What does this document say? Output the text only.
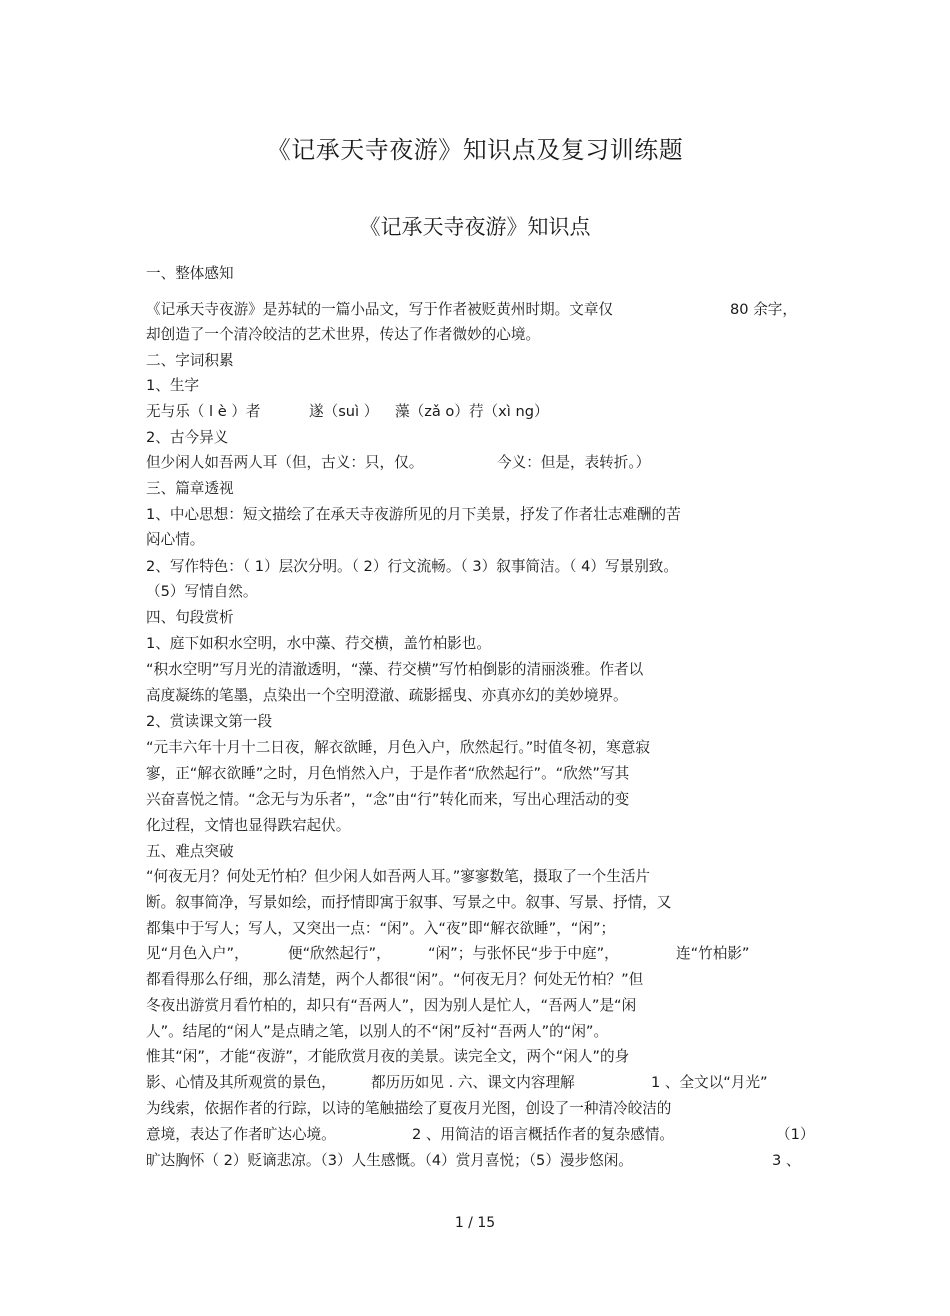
《记承天寺夜游》知识点及复习训练题
《记承天寺夜游》知识点
一、整体感知
《记承天寺夜游》是苏轼的一篇小品文，写于作者被贬黄州时期。文章仅	80 余字，
却创造了一个清冷皎洁的艺术世界，传达了作者微妙的心境。
二、字词积累
1、生字
无与乐（ l è ）者	遂（suì ） 藻（zǎ o）荇（xì ng）
2、古今异义
但少闲人如吾两人耳（但，古义：只，仅。	今义：但是，表转折。）
三、篇章透视
1、中心思想：短文描绘了在承天寺夜游所见的月下美景，抒发了作者壮志难酬的苦
闷心情。
2、写作特色：（ 1）层次分明。（ 2）行文流畅。（ 3）叙事简洁。（ 4）写景别致。
（5）写情自然。
四、句段赏析
1、庭下如积水空明，水中藻、荇交横，盖竹柏影也。
“积水空明”写月光的清澈透明，“藻、荇交横”写竹柏倒影的清丽淡雅。作者以
高度凝练的笔墨，点染出一个空明澄澈、疏影摇曳、亦真亦幻的美妙境界。
2、赏读课文第一段
“元丰六年十月十二日夜，解衣欲睡，月色入户，欣然起行。”时值冬初，寒意寂
寥，正“解衣欲睡”之时，月色悄然入户，于是作者“欣然起行”。“欣然”写其
兴奋喜悦之情。“念无与为乐者”，“念”由“行”转化而来，写出心理活动的变
化过程，文情也显得跌宕起伏。
五、难点突破
“何夜无月？何处无竹柏？但少闲人如吾两人耳。”寥寥数笔，摄取了一个生活片
断。叙事简净，写景如绘，而抒情即寓于叙事、写景之中。叙事、写景、抒情，又
都集中于写人；写人，又突出一点：“闲”。入“夜”即“解衣欲睡”，“闲”；
见“月色入户”，	便“欣然起行”，	“闲”；与张怀民“步于中庭”，	连“竹柏影”
都看得那么仔细，那么清楚，两个人都很“闲”。“何夜无月？何处无竹柏？”但
冬夜出游赏月看竹柏的，却只有“吾两人”，因为别人是忙人，“吾两人”是“闲
人”。结尾的“闲人”是点睛之笔，以别人的不“闲”反衬“吾两人”的“闲”。
惟其“闲”，才能“夜游”，才能欣赏月夜的美景。读完全文，两个“闲人”的身
影、心情及其所观赏的景色， 都历历如见 . 六、课文内容理解	1 、全文以“月光”
为线索，依据作者的行踪，以诗的笔触描绘了夏夜月光图，创设了一种清冷皎洁的
意境，表达了作者旷达心境。	2 、用简洁的语言概括作者的复杂感情。	（1）
旷达胸怀（ 2）贬谪悲凉。（3）人生感慨。（4）赏月喜悦；（5）漫步悠闲。	3 、
1 / 15
